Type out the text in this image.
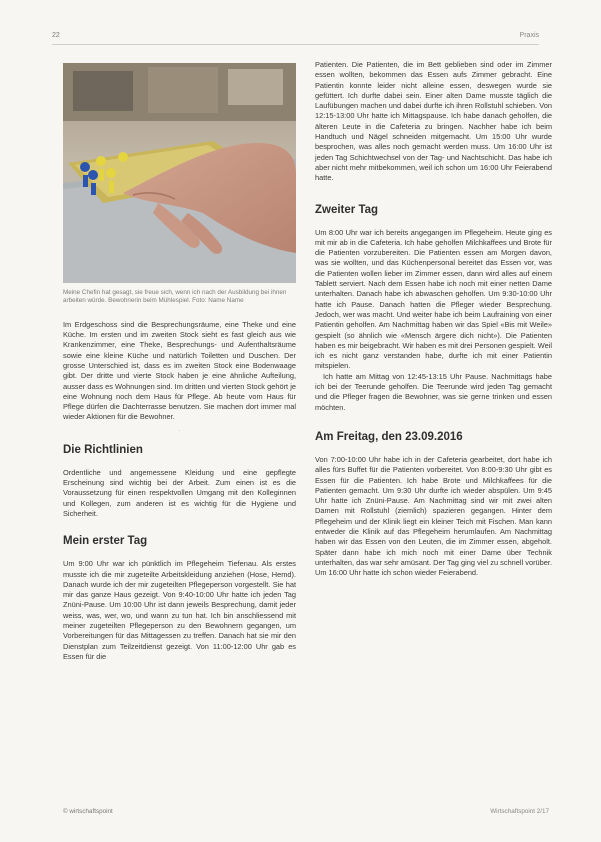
22	Praxis
Meine Chefin hat gesagt, sie freue sich, wenn ich nach der Ausbildung bei ihnen arbeiten würde. Bewohnerin beim Mühlespiel. Foto: Name Name

Im Erdgeschoss sind die Besprechungsräume, eine Theke und eine Küche. Im ersten und im zweiten Stock sieht es fast gleich aus wie Krankenzimmer, eine Theke, Besprechungs- und Aufenthaltsräume sowie eine kleine Küche und natürlich Toiletten und Duschen. Der grosse Unterschied ist, dass es im zweiten Stock eine Bodenwaage gibt. Der dritte und vierte Stock haben je eine ähnliche Aufteilung, ausser dass es Wohnungen sind. Im dritten und vierten Stock gehört je eine Wohnung noch dem Haus für Pflege. Ab heute vom Haus für Pflege dürfen die Dachterrasse benutzen. Sie machen dort immer mal wieder Aktionen für die Bewohner.

·
Die Richtlinien

Ordentliche und angemessene Kleidung und eine gepflegte Erscheinung sind wichtig bei der Arbeit. Zum einen ist es die Voraussetzung für einen respektvollen Umgang mit den Kolleginnen und Kollegen, zum anderen ist es wichtig für die Hygiene und Sicherheit.

Mein erster Tag

Um 9:00 Uhr war ich pünktlich im Pflegeheim Tiefenau. Als erstes musste ich die mir zugeteilte Arbeitskleidung anziehen (Hose, Hemd). Danach wurde ich der mir zugeteilten Pflegeperson vorgestellt. Sie hat mir das ganze Haus gezeigt. Von 9:40-10:00 Uhr hatte ich jeden Tag Znüni-Pause. Um 10:00 Uhr ist dann jeweils Besprechung, damit jeder weiss, was, wer, wo, und wann zu tun hat. Ich bin anschliessend mit meiner zugeteilten Pflegeperson zu den Bewohnern gegangen, um Vorbereitungen für das Mittagessen zu treffen. Danach hat sie mir den Dienstplan zum Teilzeitdienst gezeigt. Von 11:00-12:00 Uhr gab es Essen für die

Patienten. Die Patienten, die im Bett geblieben sind oder im Zimmer essen wollten, bekommen das Essen aufs Zimmer gebracht. Eine Patientin konnte leider nicht alleine essen, deswegen wurde sie gefüttert. Ich durfte dabei sein. Einer alten Dame musste täglich die Laufübungen machen und dabei durfte ich ihren Rollstuhl schieben. Von 12:15-13:00 Uhr hatte ich Mittagspause. Ich habe danach geholfen, die älteren Leute in die Cafeteria zu bringen. Nachher habe ich beim Handtuch und Nägel schneiden mitgemacht. Um 15:00 Uhr wurde besprochen, was alles noch gemacht werden muss. Um 16:00 Uhr ist jeden Tag Schichtwechsel von der Tag- und Nachtschicht. Das habe ich aber nicht mehr mitbekommen, weil ich schon um 16:00 Uhr Feierabend hatte.

Zweiter Tag

Um 8:00 Uhr war ich bereits angegangen im Pflegeheim. Heute ging es mit mir ab in die Cafeteria. Ich habe geholfen Milchkaffees und Brote für die Patienten vorzubereiten. Die Patienten essen am Morgen davon, was sie wollten, und das Küchenpersonal bereitet das Essen vor, was die Patienten wollen lieber im Zimmer essen, dann wird alles auf einem Tablett serviert. Nach dem Essen habe ich noch mit einer netten Dame unterhalten. Danach habe ich abwaschen geholfen. Um 9:30-10:00 Uhr hatte ich Pause. Danach hatten die Pfleger wieder Besprechung. Jedoch, wer was macht. Und weiter habe ich beim Laufraining von einer Patientin geholfen. Am Nachmittag haben wir das Spiel «Bis mit Weile» gespielt (so ähnlich wie «Mensch ärgere dich nicht»). Die Patienten haben es mir beigebracht. Wir haben es mit drei Personen gespielt. Weil ich es nicht ganz verstanden habe, durfte ich mit einer Patientin mitspielen.

Ich hatte am Mittag von 12:45-13:15 Uhr Pause. Nachmittags habe ich bei der Teerunde geholfen. Die Teerunde wird jeden Tag gemacht und die Pfleger fragen die Bewohner, was sie gerne trinken und essen möchten.

Am Freitag, den 23.09.2016

Von 7:00-10:00 Uhr habe ich in der Cafeteria gearbeitet, dort habe ich alles fürs Buffet für die Patienten vorbereitet. Von 8:00-9:30 Uhr gibt es Essen für die Patienten. Ich habe Brote und Milchkaffees für die Patienten gemacht. Um 9:30 Uhr durfte ich wieder abspülen. Um 9:45 Uhr hatte ich Znüni-Pause. Am Nachmittag sind wir mit zwei alten Damen mit Rollstuhl (ziemlich) spazieren gegangen. Hinter dem Pflegeheim und der Klinik liegt ein kleiner Teich mit Fischen. Man kann entweder die Klinik auf das Pflegeheim herumlaufen. Am Nachmittag haben wir das Essen von den Leuten, die im Zimmer essen, abgeholt. Später dann habe ich mich noch mit einer Dame über Technik unterhalten, das war sehr amüsant. Der Tag ging viel zu schnell vorüber. Um 16:00 Uhr hatte ich schon wieder Feierabend.

© wirtschaftspoint	Wirtschaftspoint 2/17
